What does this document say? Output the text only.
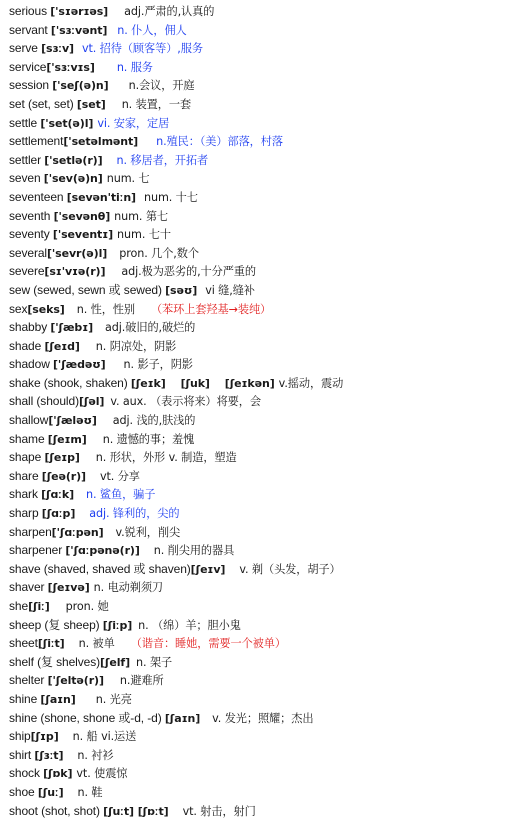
serious ['sɪərɪəs] adj.严肃的,认真的
servant ['sɜːvənt] n. 仆人，佣人
serve [sɜːv] vt. 招待（顾客等）,服务
service['sɜːvɪs] n. 服务
session ['seʃ(ə)n] n.会议，开庭
set (set, set) [set] n. 装置，一套
settle ['set(ə)l] vi. 安家，定居
settlement['setəlmənt] n.殖民：（美）部落，村落
settler ['setlə(r)] n. 移居者，开拓者
seven ['sev(ə)n] num. 七
seventeen [sevən'tiːn] num. 十七
seventh ['sevənθ] num. 第七
seventy ['seventɪ] num. 七十
several['sevr(ə)l] pron. 几个,数个
severe[sɪ'vɪə(r)] adj.极为恶劣的,十分严重的
sew (sewed, sewn 或 sewed) [səʊ] vi 缝,缝补
sex[seks] n. 性，性别 （苯环上套羟基→装纯）
shabby ['ʃæbɪ] adj.破旧的,破烂的
shade [ʃeɪd] n. 阴凉处，阴影
shadow ['ʃædəʊ] n. 影子，阴影
shake (shook, shaken) [ʃeɪk]    [ʃuk]    [ʃeɪkən] v.摇动，震动
shall (should)[ʃəl] v. aux. （表示将来）将要，会
shallow['ʃæləʊ] adj. 浅的,肤浅的
shame [ʃeɪm] n. 遗憾的事；羞愧
shape [ʃeɪp] n. 形状，外形 v. 制造，塑造
share [ʃeə(r)] vt. 分享
shark [ʃɑːk] n. 鲨鱼，骗子
sharp [ʃɑːp] adj. 锋利的，尖的
sharpen['ʃɑːpən] v.锐利，削尖
sharpener ['ʃɑːpənə(r)] n. 削尖用的器具
shave (shaved, shaved 或 shaven)[ʃeɪv] v. 剃（头发，胡子）
shaver [ʃeɪvə] n. 电动剃须刀
she[ʃiː] pron. 她
sheep (复 sheep) [ʃiːp] n. （绵）羊；胆小鬼
sheet[ʃiːt] n. 被单 （谐音：睡她，需要一个被单）
shelf (复 shelves)[ʃelf] n. 架子
shelter ['ʃeltə(r)] n.避难所
shine [ʃaɪn] n. 光亮
shine (shone, shone 或-d, -d) [ʃaɪn] v. 发光；照耀；杰出
ship[ʃɪp] n. 船 vi.运送
shirt [ʃɜːt] n. 衬衫
shock [ʃɒk] vt. 使震惊
shoe [ʃuː] n. 鞋
shoot (shot, shot) [ʃuːt] [ʃɒːt] vt. 射击，射门
